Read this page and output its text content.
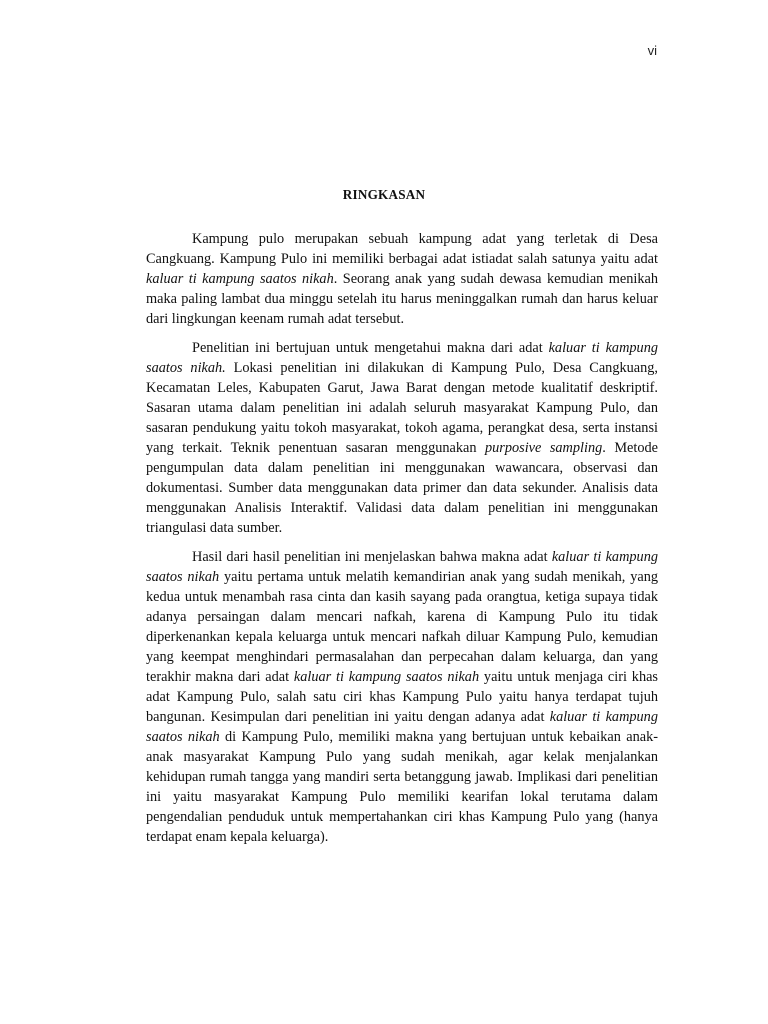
vi
RINGKASAN

Kampung pulo merupakan sebuah kampung adat yang terletak di Desa Cangkuang. Kampung Pulo ini memiliki berbagai adat istiadat salah satunya yaitu adat kaluar ti kampung saatos nikah. Seorang anak yang sudah dewasa kemudian menikah maka paling lambat dua minggu setelah itu harus meninggalkan rumah dan harus keluar dari lingkungan keenam rumah adat tersebut.

Penelitian ini bertujuan untuk mengetahui makna dari adat kaluar ti kampung saatos nikah. Lokasi penelitian ini dilakukan di Kampung Pulo, Desa Cangkuang, Kecamatan Leles, Kabupaten Garut, Jawa Barat dengan metode kualitatif deskriptif. Sasaran utama dalam penelitian ini adalah seluruh masyarakat Kampung Pulo, dan sasaran pendukung yaitu tokoh masyarakat, tokoh agama, perangkat desa, serta instansi yang terkait. Teknik penentuan sasaran menggunakan purposive sampling. Metode pengumpulan data dalam penelitian ini menggunakan wawancara, observasi dan dokumentasi. Sumber data menggunakan data primer dan data sekunder. Analisis data menggunakan Analisis Interaktif. Validasi data dalam penelitian ini menggunakan triangulasi data sumber.

Hasil dari hasil penelitian ini menjelaskan bahwa makna adat kaluar ti kampung saatos nikah yaitu pertama untuk melatih kemandirian anak yang sudah menikah, yang kedua untuk menambah rasa cinta dan kasih sayang pada orangtua, ketiga supaya tidak adanya persaingan dalam mencari nafkah, karena di Kampung Pulo itu tidak diperkenankan kepala keluarga untuk mencari nafkah diluar Kampung Pulo, kemudian yang keempat menghindari permasalahan dan perpecahan dalam keluarga, dan yang terakhir makna dari adat kaluar ti kampung saatos nikah yaitu untuk menjaga ciri khas adat Kampung Pulo, salah satu ciri khas Kampung Pulo yaitu hanya terdapat tujuh bangunan. Kesimpulan dari penelitian ini yaitu dengan adanya adat kaluar ti kampung saatos nikah di Kampung Pulo, memiliki makna yang bertujuan untuk kebaikan anak-anak masyarakat Kampung Pulo yang sudah menikah, agar kelak menjalankan kehidupan rumah tangga yang mandiri serta betanggung jawab. Implikasi dari penelitian ini yaitu masyarakat Kampung Pulo memiliki kearifan lokal terutama dalam pengendalian penduduk untuk mempertahankan ciri khas Kampung Pulo yang (hanya terdapat enam kepala keluarga).
